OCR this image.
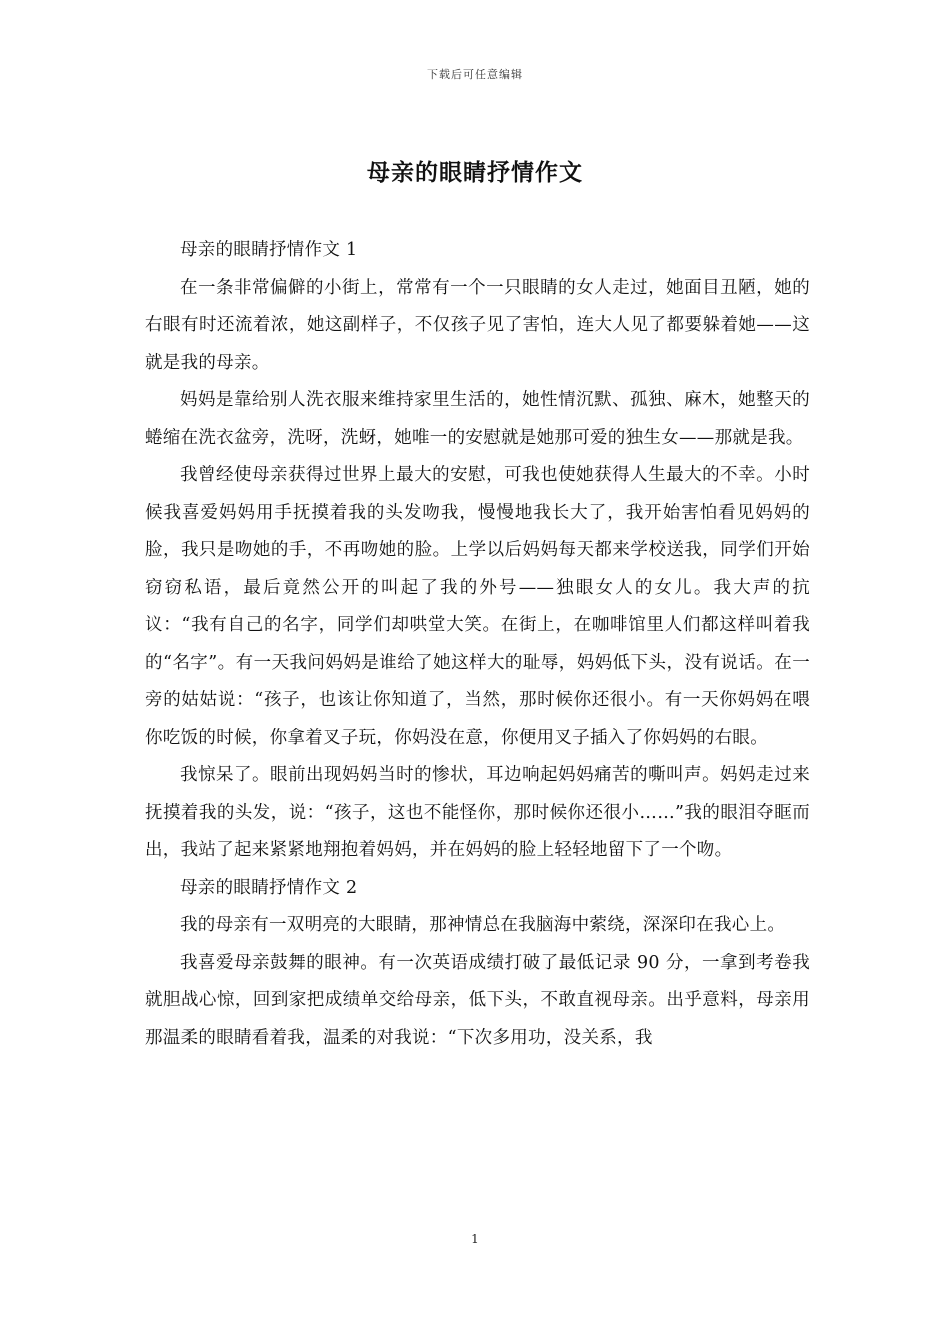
下载后可任意编辑
母亲的眼睛抒情作文

母亲的眼睛抒情作文 1

在一条非常偏僻的小街上，常常有一个一只眼睛的女人走过，她面目丑陋，她的右眼有时还流着浓，她这副样子，不仅孩子见了害怕，连大人见了都要躲着她——这就是我的母亲。

妈妈是靠给别人洗衣服来维持家里生活的，她性情沉默、孤独、麻木，她整天的蜷缩在洗衣盆旁，洗呀，洗蚜，她唯一的安慰就是她那可爱的独生女——那就是我。

我曾经使母亲获得过世界上最大的安慰，可我也使她获得人生最大的不幸。小时候我喜爱妈妈用手抚摸着我的头发吻我，慢慢地我长大了，我开始害怕看见妈妈的脸，我只是吻她的手，不再吻她的脸。上学以后妈妈每天都来学校送我，同学们开始窃窃私语，最后竟然公开的叫起了我的外号——独眼女人的女儿。我大声的抗议：“我有自己的名字，同学们却哄堂大笑。在街上，在咖啡馆里人们都这样叫着我的“名字”。有一天我问妈妈是谁给了她这样大的耻辱，妈妈低下头，没有说话。在一旁的姑姑说：“孩子，也该让你知道了，当然，那时候你还很小。有一天你妈妈在喂你吃饭的时候，你拿着叉子玩，你妈没在意，你便用叉子插入了你妈妈的右眼。

我惊呆了。眼前出现妈妈当时的惨状，耳边响起妈妈痛苦的嘶叫声。妈妈走过来抚摸着我的头发，说：“孩子，这也不能怪你，那时候你还很小……”我的眼泪夺眶而出，我站了起来紧紧地翔抱着妈妈，并在妈妈的脸上轻轻地留下了一个吻。

母亲的眼睛抒情作文 2

我的母亲有一双明亮的大眼睛，那神情总在我脑海中萦绕，深深印在我心上。

我喜爱母亲鼓舞的眼神。有一次英语成绩打破了最低记录 90 分，一拿到考卷我就胆战心惊，回到家把成绩单交给母亲，低下头，不敢直视母亲。出乎意料，母亲用那温柔的眼睛看着我，温柔的对我说：“下次多用功，没关系，我

1
